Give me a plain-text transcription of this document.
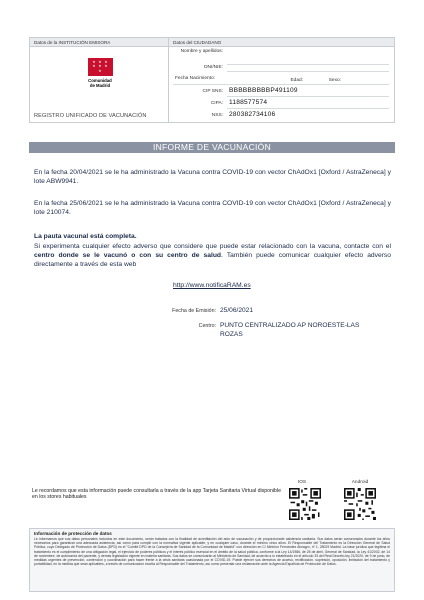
Datos de la INSTITUCIÓN EMISORA
★ ★ ★
★ ★ ★
★
Comunidad
de Madrid
REGISTRO UNIFICADO DE VACUNACIÓN
Datos del CIUDADANO
Nombre y apellidos:
DNI/NIE:
Fecha Nacimiento:	Edad:	Sexo:
CIP SNS: BBBBBBBBBP491109
CIPA: 1188577574
NSS: 280382734106
INFORME DE VACUNACIÓN
En la fecha 20/04/2021 se le ha administrado la Vacuna contra COVID-19 con vector ChAdOx1 [Oxford / AstraZeneca] y lote ABW9941.
En la fecha 25/06/2021 se le ha administrado la Vacuna contra COVID-19 con vector ChAdOx1 [Oxford / AstraZeneca] y lote 210074.
La pauta vacunal está completa.
Si experimenta cualquier efecto adverso que considere que puede estar relacionado con la vacuna, contacte con el centro donde se le vacunó o con su centro de salud. También puede comunicar cualquier efecto adverso directamente a través de esta web
http://www.notificaRAM.es
Fecha de Emisión: 25/06/2021
Centro: PUNTO CENTRALIZADO AP NOROESTE-LAS ROZAS
Le recordamos que esta información puede consultarla a través de la app Tarjeta Sanitaria Virtual disponible en los stores habituales
IOS	Android
Información de protección de datos
Le informamos que sus datos personales incluidos en este documento, serán tratados con la finalidad de acreditación del acto de vacunación y de proporcionarle asistencia sanitaria. Sus datos serán conservados durante los años necesarios para garantizar una adecuada asistencia, así como para cumplir con la normativa vigente aplicable, y en cualquier caso, durante el mínimo cinco años. El Responsable del Tratamiento es la Dirección General de Salud Pública, cuyo Delegado de Protección de Datos (DPD) es el "Comité DPD de la Consejería de Sanidad de la Comunidad de Madrid" con dirección en C/ Melchor Fernández Almagro, nº 1, 28029 Madrid. La base jurídica que legitima el tratamiento es el cumplimiento de una obligación legal, el ejercicio de poderes públicos y el interés público esencial en el ámbito de la salud pública, conforme a la Ley 14/1986, de 25 de abril, General de Sanidad, la Ley 41/2002, de 14 de noviembre, de autonomía del paciente, y demás legislación vigente en materia sanitaria. Sus datos se comunicarán al Ministerio de Sanidad, de acuerdo a lo establecido en el artículo 33 del Real Decreto-ley 21/2020, de 9 de junio, de medidas urgentes de prevención, contención y coordinación para hacer frente a la crisis sanitaria ocasionada por el COVID-19. Puede ejercer sus derechos de acceso, rectificación, supresión, oposición, limitación del tratamiento y portabilidad, en la medida que sean aplicables, a través de comunicación escrita al Responsable del Tratamiento, así como presentar una reclamación ante la Agencia Española de Protección de Datos.
